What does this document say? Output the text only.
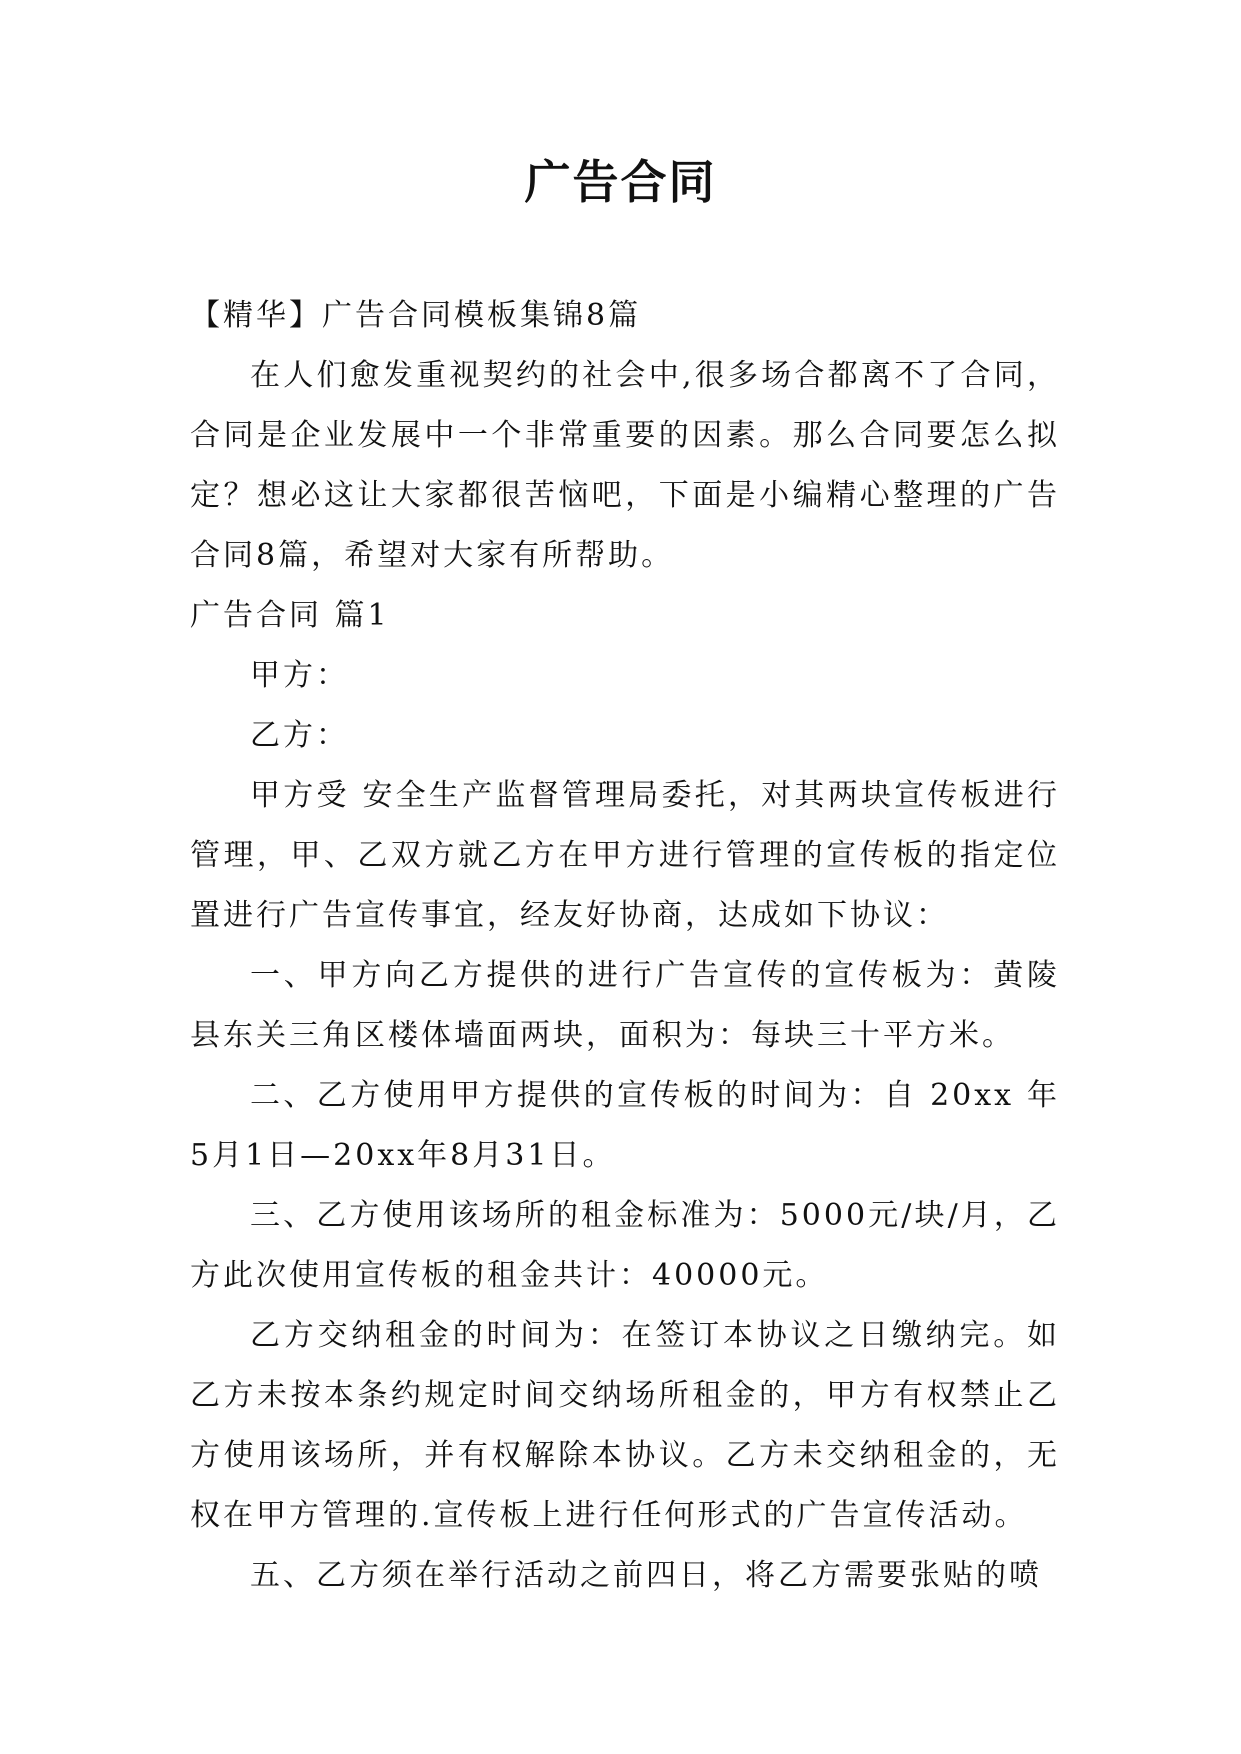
广告合同

【精华】广告合同模板集锦8篇

在人们愈发重视契约的社会中,很多场合都离不了合同，合同是企业发展中一个非常重要的因素。那么合同要怎么拟定？想必这让大家都很苦恼吧，下面是小编精心整理的广告合同8篇，希望对大家有所帮助。

广告合同 篇1

甲方：

乙方：

甲方受 安全生产监督管理局委托，对其两块宣传板进行管理，甲、乙双方就乙方在甲方进行管理的宣传板的指定位置进行广告宣传事宜，经友好协商，达成如下协议：

一、甲方向乙方提供的进行广告宣传的宣传板为：黄陵县东关三角区楼体墙面两块，面积为：每块三十平方米。

二、乙方使用甲方提供的宣传板的时间为：自 20xx 年5月1日—20xx年8月31日。

三、乙方使用该场所的租金标准为：5000元/块/月，乙方此次使用宣传板的租金共计：40000元。

乙方交纳租金的时间为：在签订本协议之日缴纳完。如乙方未按本条约规定时间交纳场所租金的，甲方有权禁止乙方使用该场所，并有权解除本协议。乙方未交纳租金的，无权在甲方管理的.宣传板上进行任何形式的广告宣传活动。

五、乙方须在举行活动之前四日，将乙方需要张贴的喷
